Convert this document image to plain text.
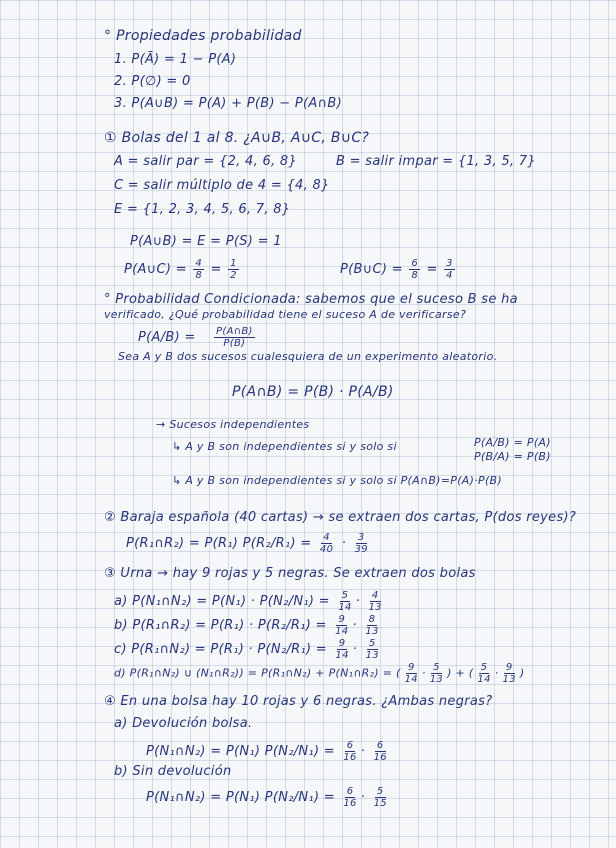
° Propiedades probabilidad
1. P(Ā) = 1 − P(A)
2. P(∅) = 0
3. P(A∪B) = P(A) + P(B) − P(A∩B)
① Bolas del 1 al 8. ¿A∪B, A∪C, B∪C?
A = salir par = {2, 4, 6, 8}	B = salir impar = {1, 3, 5, 7}
C = salir múltiplo de 4 = {4, 8}
E = {1, 2, 3, 4, 5, 6, 7, 8}
P(A∪B) = E = P(S) = 1
P(A∪C) = $\frac{4}{8} = \frac{1}{2}$	P(B∪C) = $\frac{6}{8} = \frac{3}{4}$
° Probabilidad Condicionada: sabemos que el suceso B se ha
verificado, ¿Qué probabilidad tiene el suceso A de verificarse?
$P(A/B) = \frac{P(A\cap B)}{P(B)}$
Sea A y B dos sucesos cualesquiera de un experimento aleatorio.
P(A∩B) = P(B) · P(A/B)
→ Sucesos independientes
↳ A y B son independientes si y solo si	P(A/B) = P(A)
P(B/A) = P(B)
↳ A y B son independientes si y solo si P(A∩B)=P(A)·P(B)
② Baraja española (40 cartas) → se extraen dos cartas, P(dos reyes)?
P(R₁∩R₂) = P(R₁) $P(R_2/R_1) = \frac{4}{40} \cdot \frac{3}{39}$
③ Urna → hay 9 rojas y 5 negras. Se extraen dos bolas
a) P(N₁∩N₂) = $P(N_1) \cdot P(N_2/N_1) = \frac{5}{14} \cdot \frac{4}{13}$
b) P(R₁∩R₂) = $P(R_1) \cdot P(R_2/R_1) = \frac{9}{14} \cdot \frac{8}{13}$
c) P(R₁∩N₂) = $P(R_1) \cdot P(N_2/R_1) = \frac{9}{14} \cdot \frac{5}{13}$
d) P(R₁∩N₂) ∪ (N₁∩R₂)) = P(R₁∩N₂) + P(N₁∩R₂) = ( $\frac{9}{14} \cdot \frac{5}{13}$ ) + ( $\frac{5}{14} \cdot \frac{9}{13}$ )
④ En una bolsa hay 10 rojas y 6 negras. ¿Ambas negras?
a) Devolución bolsa.
P(N₁∩N₂) = P(N₁) $P(N_2/N_1) = \frac{6}{16} \cdot \frac{6}{16}$
b) Sin devolución
P(N₁∩N₂) = P(N₁) $P(N_2/N_1) = \frac{6}{16} \cdot \frac{5}{15}$
